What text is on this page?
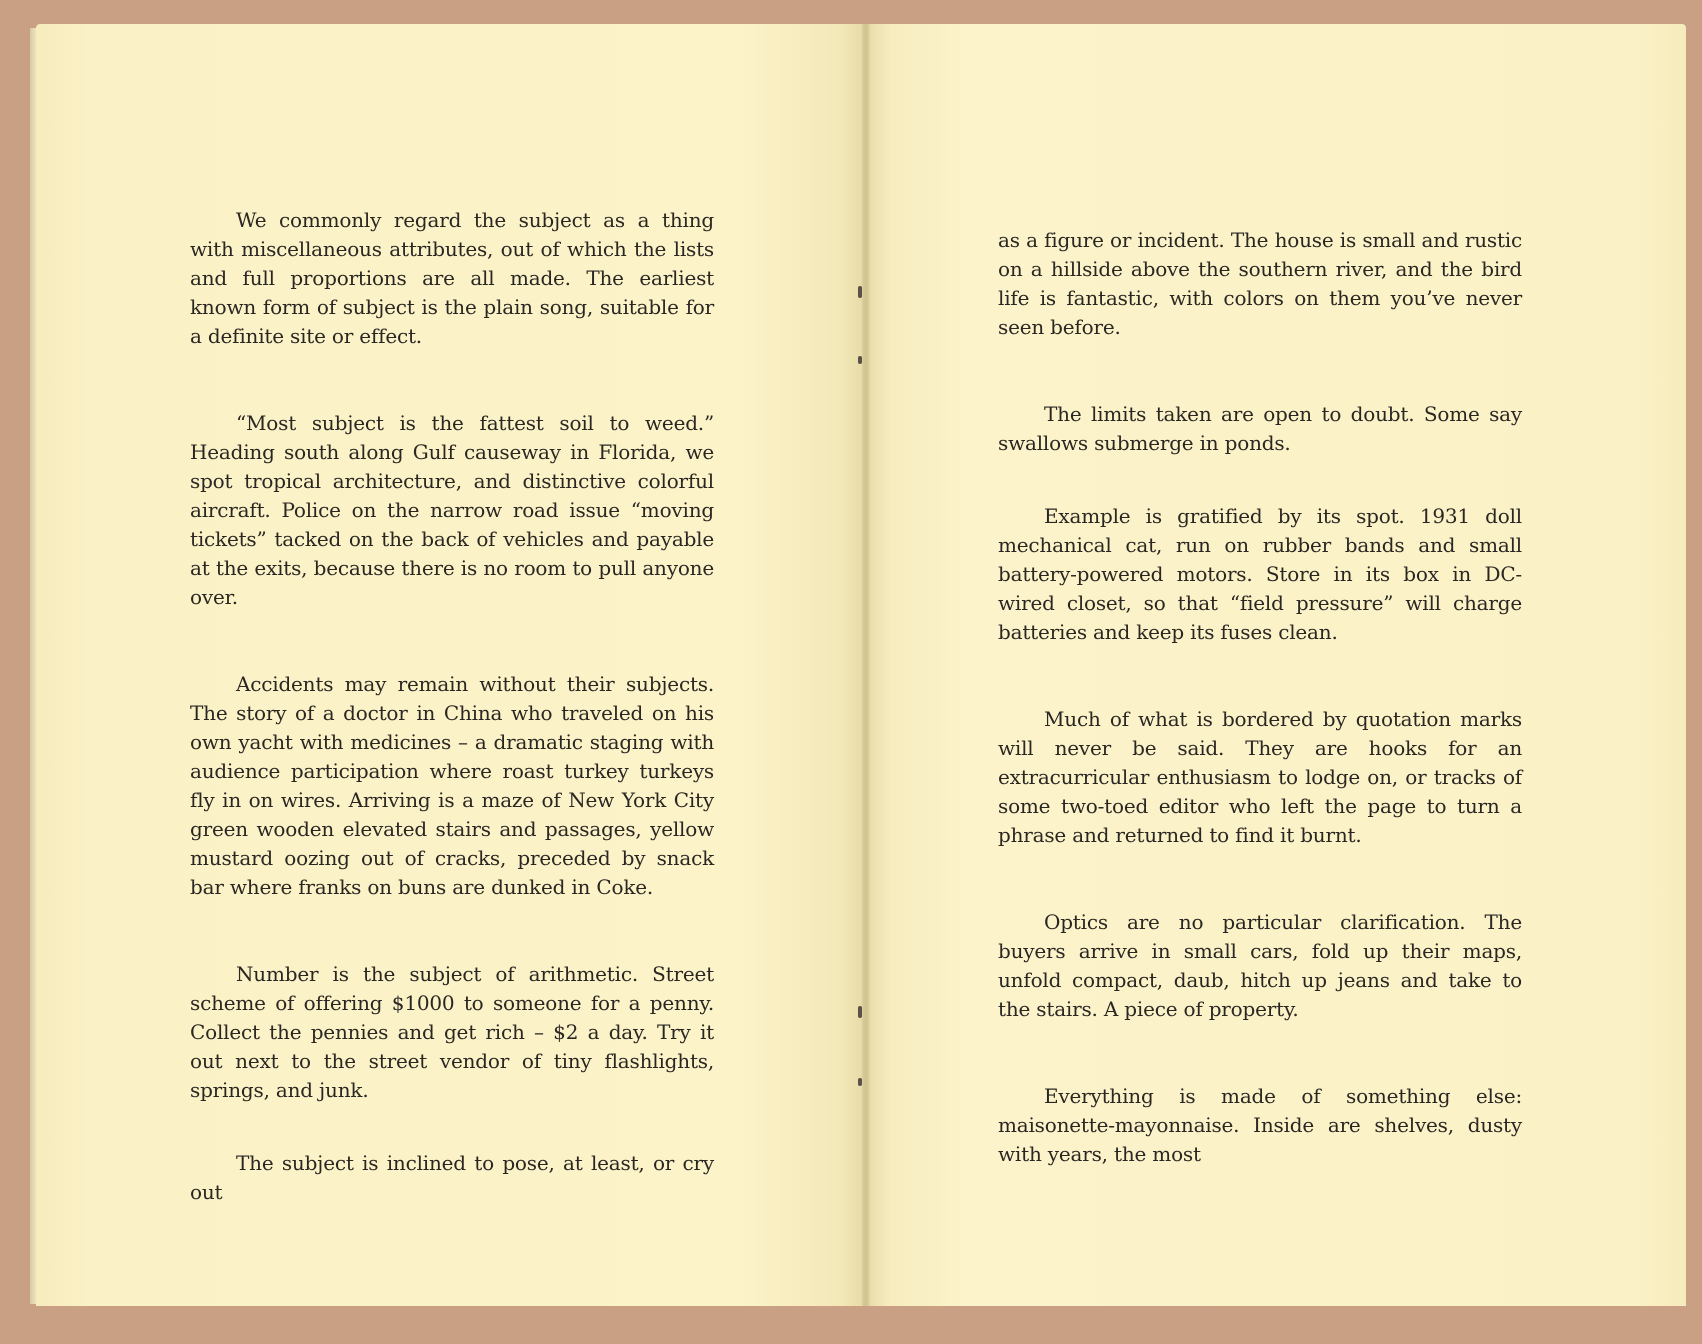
We commonly regard the subject as a thing with miscellaneous attributes, out of which the lists and full proportions are all made. The earliest known form of subject is the plain song, suitable for a definite site or effect.

“Most subject is the fattest soil to weed.” Heading south along Gulf causeway in Florida, we spot tropical architecture, and distinctive colorful aircraft. Police on the narrow road issue “moving tickets” tacked on the back of vehicles and payable at the exits, because there is no room to pull anyone over.

Accidents may remain without their subjects. The story of a doctor in China who traveled on his own yacht with medicines – a dramatic staging with audience participation where roast turkey turkeys fly in on wires. Arriving is a maze of New York City green wooden elevated stairs and passages, yellow mustard oozing out of cracks, preceded by snack bar where franks on buns are dunked in Coke.

Number is the subject of arithmetic. Street scheme of offering $1000 to someone for a penny. Collect the pennies and get rich – $2 a day. Try it out next to the street vendor of tiny flashlights, springs, and junk.

The subject is inclined to pose, at least, or cry out

as a figure or incident. The house is small and rustic on a hillside above the southern river, and the bird life is fantastic, with colors on them you’ve never seen before.

The limits taken are open to doubt. Some say swallows submerge in ponds.

Example is gratified by its spot. 1931 doll mechanical cat, run on rubber bands and small battery-powered motors. Store in its box in DC-wired closet, so that “field pressure” will charge batteries and keep its fuses clean.

Much of what is bordered by quotation marks will never be said. They are hooks for an extracurricular enthusiasm to lodge on, or tracks of some two-toed editor who left the page to turn a phrase and returned to find it burnt.

Optics are no particular clarification. The buyers arrive in small cars, fold up their maps, unfold compact, daub, hitch up jeans and take to the stairs. A piece of property.

Everything is made of something else: maisonette-mayonnaise. Inside are shelves, dusty with years, the most
